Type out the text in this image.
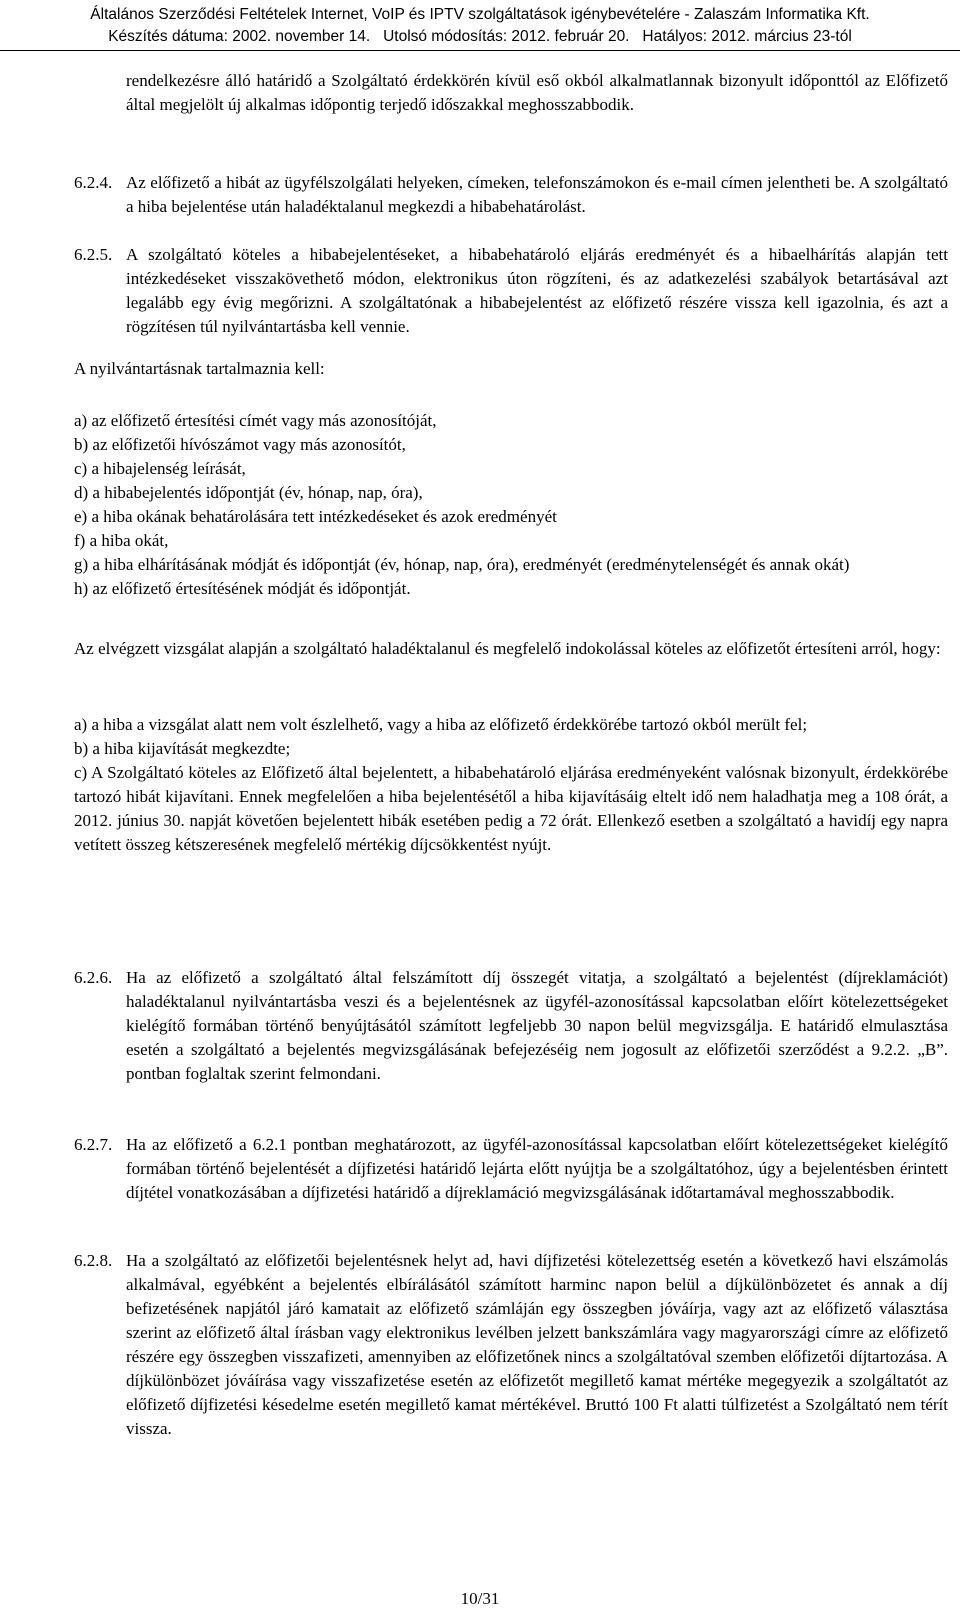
Általános Szerződési Feltételek Internet, VoIP és IPTV szolgáltatások igénybevételére - Zalaszám Informatika Kft.
Készítés dátuma: 2002. november 14.   Utolsó módosítás: 2012. február 20.   Hatályos: 2012. március 23-tól
rendelkezésre álló határidő a Szolgáltató érdekkörén kívül eső okból alkalmatlannak bizonyult időponttól az Előfizető által megjelölt új alkalmas időpontig terjedő időszakkal meghosszabbodik.
6.2.4. Az előfizető a hibát az ügyfélszolgálati helyeken, címeken, telefonszámokon és e-mail címen jelentheti be. A szolgáltató a hiba bejelentése után haladéktalanul megkezdi a hibabehatárolást.
6.2.5. A szolgáltató köteles a hibabejelentéseket, a hibabehatároló eljárás eredményét és a hibaelhárítás alapján tett intézkedéseket visszakövethető módon, elektronikus úton rögzíteni, és az adatkezelési szabályok betartásával azt legalább egy évig megőrizni. A szolgáltatónak a hibabejelentést az előfizető részére vissza kell igazolnia, és azt a rögzítésen túl nyilvántartásba kell vennie.
A nyilvántartásnak tartalmaznia kell:
a) az előfizető értesítési címét vagy más azonosítóját,
b) az előfizetői hívószámot vagy más azonosítót,
c) a hibajelenség leírását,
d) a hibabejelentés időpontját (év, hónap, nap, óra),
e) a hiba okának behatárolására tett intézkedéseket és azok eredményét
f) a hiba okát,
g) a hiba elhárításának módját és időpontját (év, hónap, nap, óra), eredményét (eredménytelenségét és annak okát)
h) az előfizető értesítésének módját és időpontját.
Az elvégzett vizsgálat alapján a szolgáltató haladéktalanul és megfelelő indokolással köteles az előfizetőt értesíteni arról, hogy:
a) a hiba a vizsgálat alatt nem volt észlelhető, vagy a hiba az előfizető érdekkörébe tartozó okból merült fel;
b) a hiba kijavítását megkezdte;
c) A Szolgáltató köteles az Előfizető által bejelentett, a hibabehatároló eljárása eredményeként valósnak bizonyult, érdekkörébe tartozó hibát kijavítani. Ennek megfelelően a hiba bejelentésétől a hiba kijavításáig eltelt idő nem haladhatja meg a 108 órát, a 2012. június 30. napját követően bejelentett hibák esetében pedig a 72 órát. Ellenkező esetben a szolgáltató a havidíj egy napra vetített összeg kétszeresének megfelelő mértékig díjcsökkentést nyújt.
6.2.6. Ha az előfizető a szolgáltató által felszámított díj összegét vitatja, a szolgáltató a bejelentést (díjreklamációt) haladéktalanul nyilvántartásba veszi és a bejelentésnek az ügyfél-azonosítással kapcsolatban előírt kötelezettségeket kielégítő formában történő benyújtásától számított legfeljebb 30 napon belül megvizsgálja. E határidő elmulasztása esetén a szolgáltató a bejelentés megvizsgálásának befejezéséig nem jogosult az előfizetői szerződést a 9.2.2. „B”. pontban foglaltak szerint felmondani.
6.2.7. Ha az előfizető a 6.2.1 pontban meghatározott, az ügyfél-azonosítással kapcsolatban előírt kötelezettségeket kielégítő formában történő bejelentését a díjfizetési határidő lejárta előtt nyújtja be a szolgáltatóhoz, úgy a bejelentésben érintett díjtétel vonatkozásában a díjfizetési határidő a díjreklamáció megvizsgálásának időtartamával meghosszabbodik.
6.2.8. Ha a szolgáltató az előfizetői bejelentésnek helyt ad, havi díjfizetési kötelezettség esetén a következő havi elszámolás alkalmával, egyébként a bejelentés elbírálásától számított harminc napon belül a díjkülönbözetet és annak a díj befizetésének napjától járó kamatait az előfizető számláján egy összegben jóváírja, vagy azt az előfizető választása szerint az előfizető által írásban vagy elektronikus levélben jelzett bankszámlára vagy magyarországi címre az előfizető részére egy összegben visszafizeti, amennyiben az előfizetőnek nincs a szolgáltatóval szemben előfizetői díjtartozása. A díjkülönbözet jóváírása vagy visszafizetése esetén az előfizetőt megillető kamat mértéke megegyezik a szolgáltatót az előfizető díjfizetési késedelme esetén megillető kamat mértékével. Bruttó 100 Ft alatti túlfizetést a Szolgáltató nem térít vissza.
10/31
